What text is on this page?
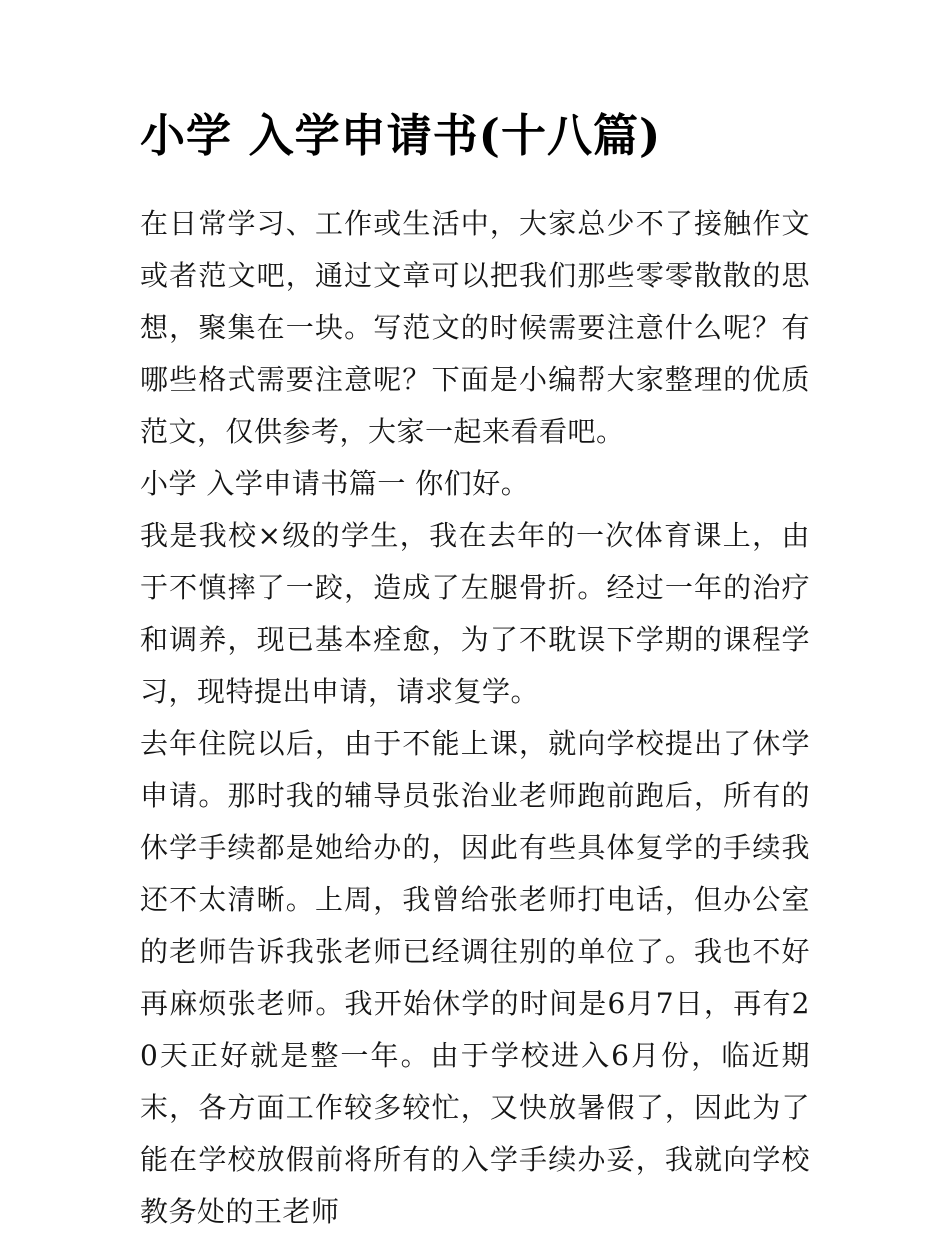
小学 入学申请书(十八篇)

在日常学习、工作或生活中，大家总少不了接触作文或者范文吧，通过文章可以把我们那些零零散散的思想，聚集在一块。写范文的时候需要注意什么呢？有哪些格式需要注意呢？下面是小编帮大家整理的优质范文，仅供参考，大家一起来看看吧。

小学 入学申请书篇一 你们好。

我是我校×级的学生，我在去年的一次体育课上，由于不慎摔了一跤，造成了左腿骨折。经过一年的治疗和调养，现已基本痊愈，为了不耽误下学期的课程学习，现特提出申请，请求复学。

去年住院以后，由于不能上课，就向学校提出了休学申请。那时我的辅导员张治业老师跑前跑后，所有的休学手续都是她给办的，因此有些具体复学的手续我还不太清晰。上周，我曾给张老师打电话，但办公室的老师告诉我张老师已经调往别的单位了。我也不好再麻烦张老师。我开始休学的时间是6月7日，再有20天正好就是整一年。由于学校进入6月份，临近期末，各方面工作较多较忙，又快放暑假了，因此为了能在学校放假前将所有的入学手续办妥，我就向学校教务处的王老师
